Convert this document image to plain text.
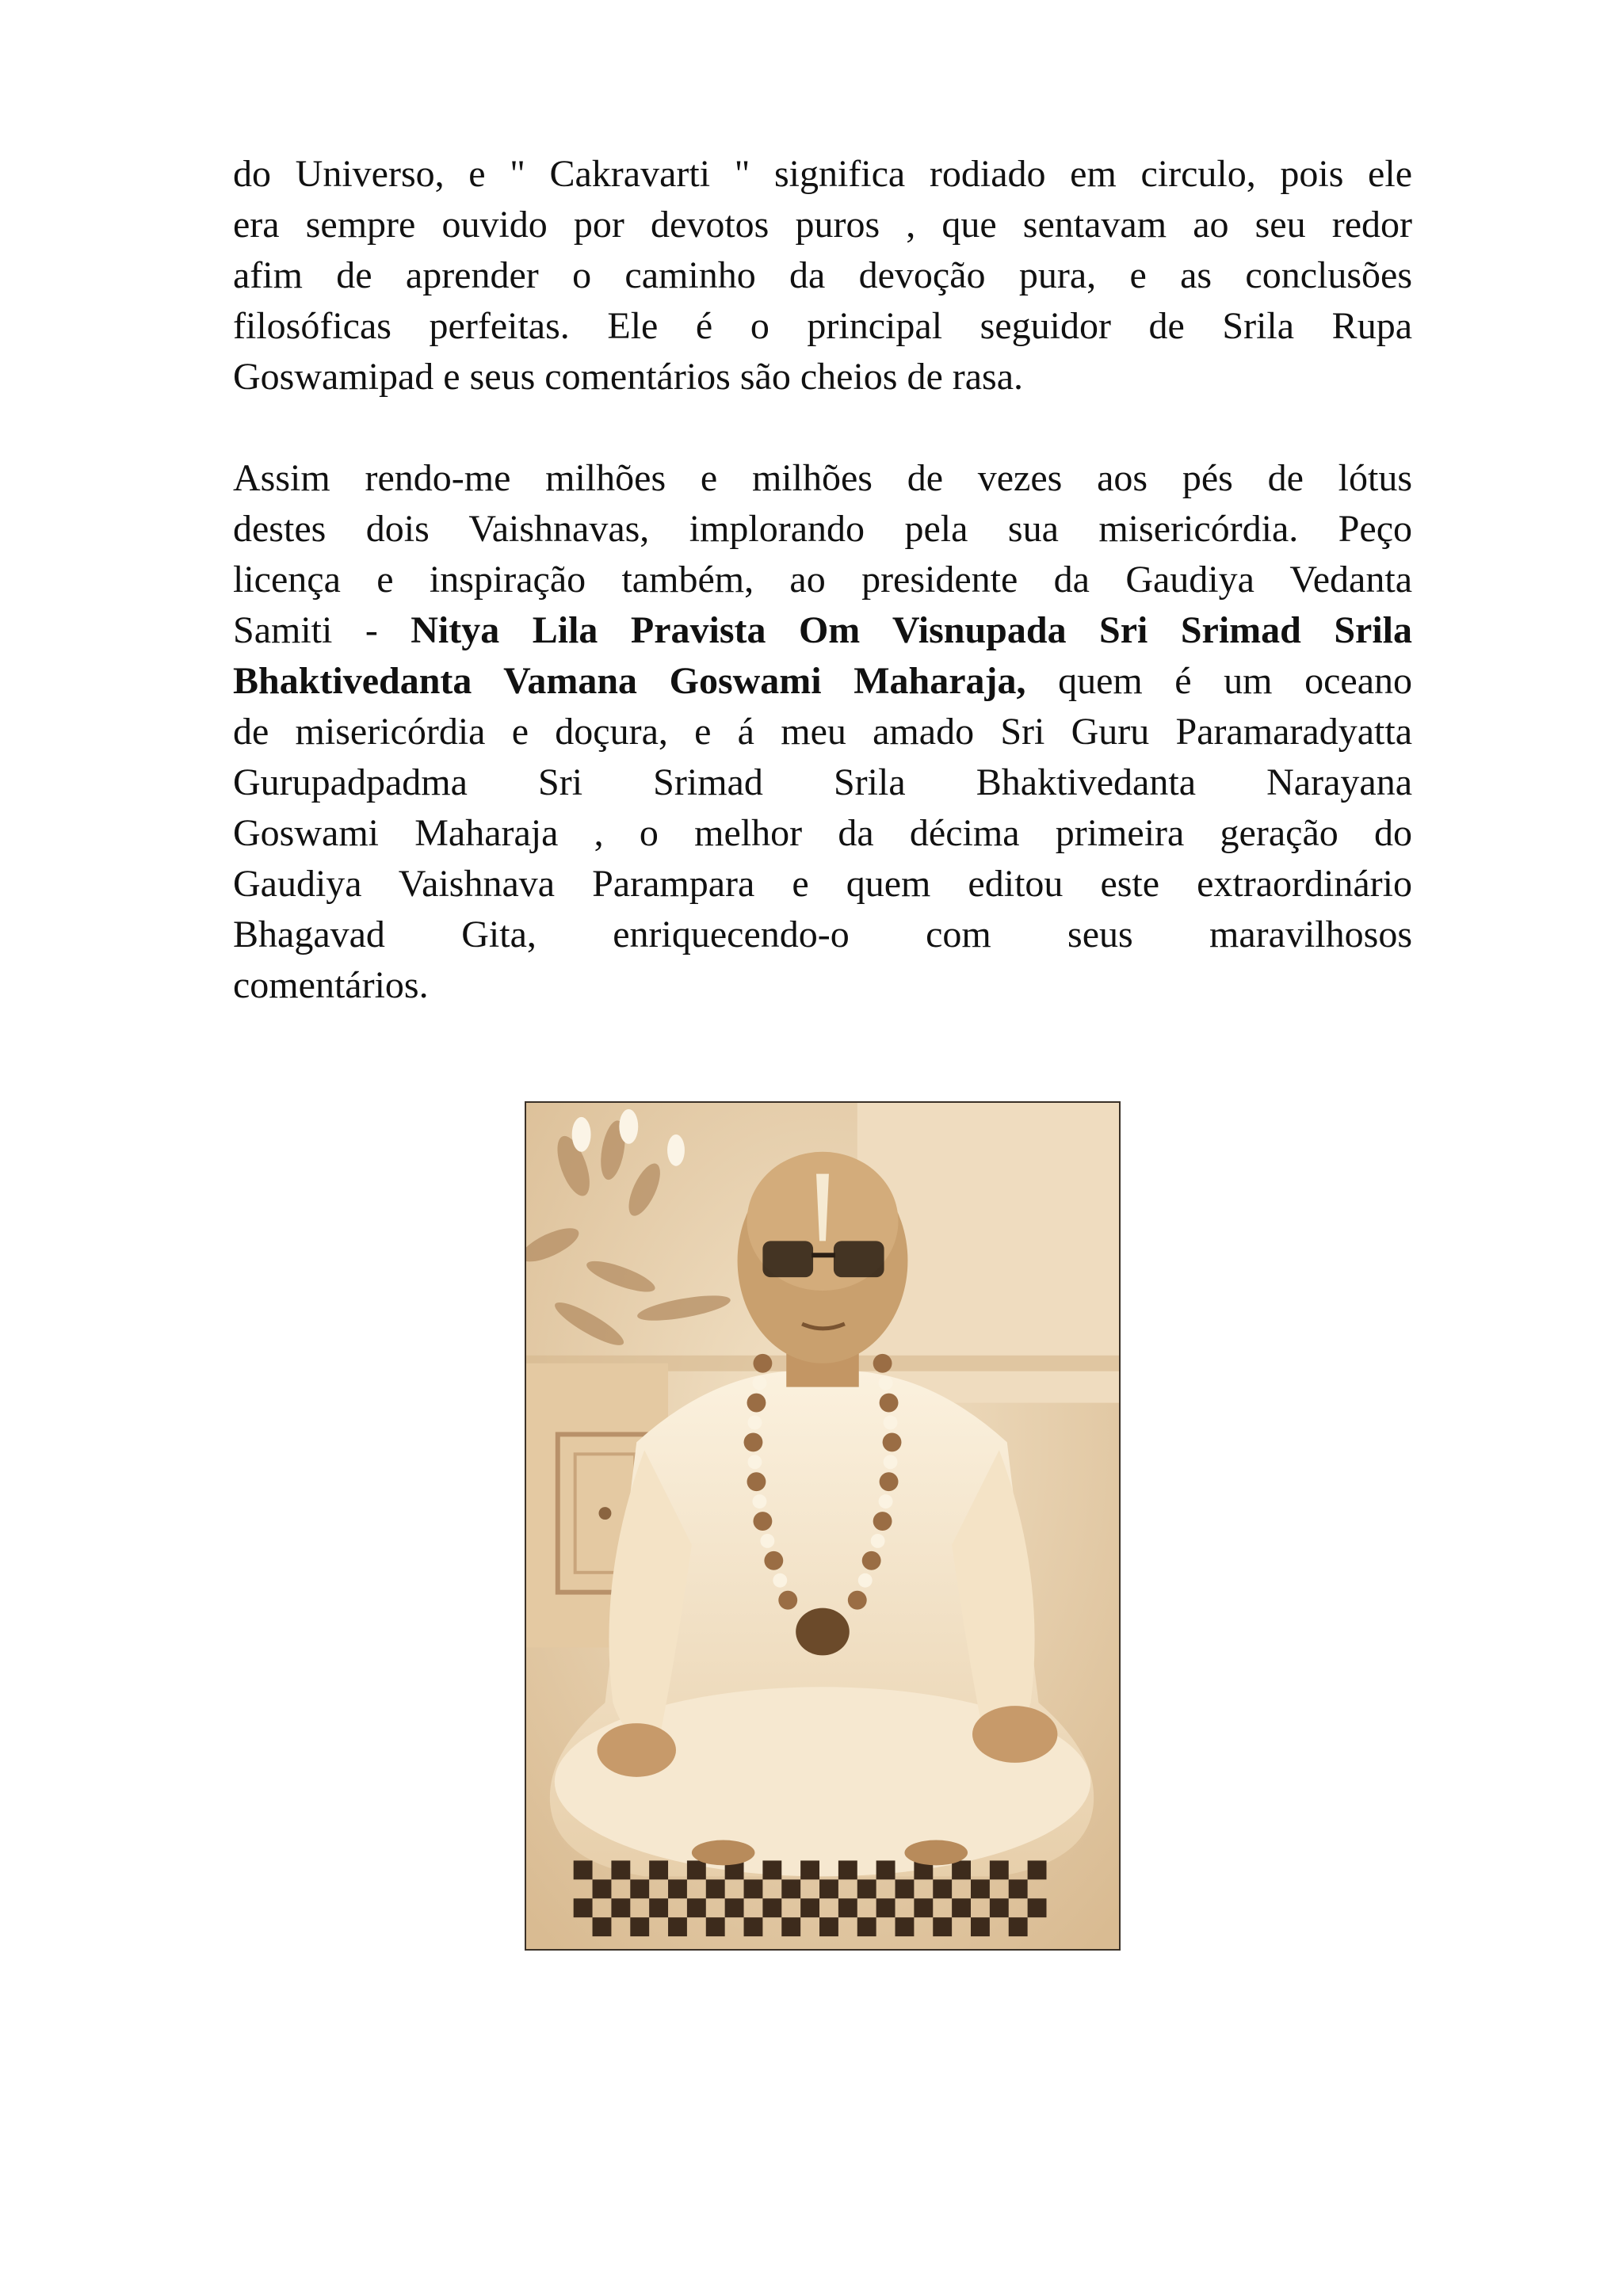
do Universo, e " Cakravarti " significa rodiado em circulo, pois ele
era sempre ouvido por devotos puros , que sentavam ao seu redor
afim de aprender o caminho da devoção pura, e as conclusões
filosóficas perfeitas. Ele é o principal seguidor de Srila Rupa
Goswamipad e seus comentários são cheios de rasa.
Assim rendo-me milhões e milhões de vezes aos pés de lótus
destes dois Vaishnavas, implorando pela sua misericórdia. Peço
licença e inspiração também, ao presidente da Gaudiya Vedanta
Samiti - Nitya Lila Pravista Om Visnupada Sri Srimad Srila
Bhaktivedanta Vamana Goswami Maharaja, quem é um oceano
de misericórdia e doçura, e á meu amado Sri Guru Paramaradyatta
Gurupadpadma Sri Srimad Srila Bhaktivedanta Narayana
Goswami Maharaja , o melhor da décima primeira geração do
Gaudiya Vaishnava Parampara e quem editou este extraordinário
Bhagavad Gita, enriquecendo-o com seus maravilhosos
comentários.
